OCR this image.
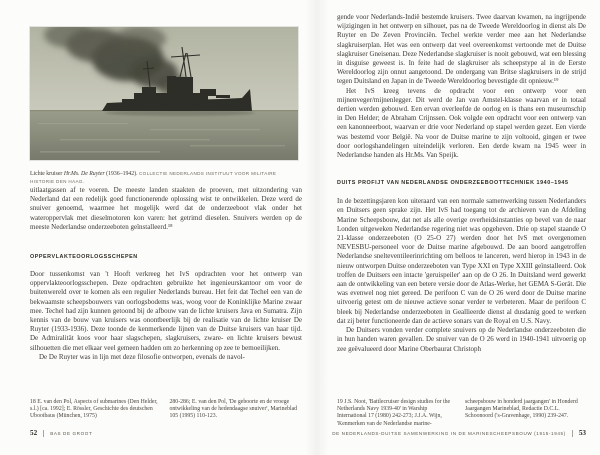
Lichte kruiser Hr.Ms. De Ruyter (1936–1942). COLLECTIE NEDERLANDS INSTITUUT VOOR MILITAIRE HISTORIE DEN HAAG.

uitlaatgassen af te voeren. De meeste landen staakten de proeven, met uitzondering van Nederland dat een redelijk goed functionerende oplossing wist te ontwikkelen. Deze werd de snuiver genoemd, waarmee het mogelijk werd dat de onderzeeboot vlak onder het wateroppervlak met dieselmotoren kon varen: het getrimd dieselen. Snuivers werden op de meeste Nederlandse onderzeeboten geïnstalleerd.¹⁸

OPPERVLAKTEOORLOGSSCHEPEN

Door tussenkomst van 't Hooft verkreeg het IvS opdrachten voor het ontwerp van oppervlakteoorlogsschepen. Deze opdrachten gebruikte het ingenieurskantoor om voor de buitenwereld over te komen als een regulier Nederlands bureau. Het feit dat Techel een van de bekwaamste scheepsbouwers van oorlogsbodems was, woog voor de Koninklijke Marine zwaar mee. Techel had zijn kunnen getoond bij de afbouw van de lichte kruisers Java en Sumatra. Zijn kennis van de bouw van kruisers was onontbeerlijk bij de realisatie van de lichte kruiser De Ruyter (1933-1936). Deze toonde de kenmerkende lijnen van de Duitse kruisers van haar tijd. De Admiralität koos voor haar slagschepen, slagkruisers, zware- en lichte kruisers bewust silhouetten die met elkaar veel gemeen hadden om zo herkenning op zee te bemoeilijken.

De De Ruyter was in lijn met deze filosofie ontworpen, evenals de navol-

18 E. van den Pol, Aspects of submarines (Den Helder, s.l.) [ca. 1992]; E. Rössler, Geschichte des deutschen Ubootbaus (München, 1975)
280-286; E. van den Pol, 'De geboorte en de vroege ontwikkeling van de hedendaagse snuiver', Marineblad 105 (1995) 110-123.
52	BAS DE GROOT

gende voor Nederlands-Indië bestemde kruisers. Twee daarvan kwamen, na ingrijpende wijzigingen in het ontwerp en silhouet, pas na de Tweede Wereldoorlog in dienst als De Ruyter en De Zeven Provinciën. Techel werkte verder mee aan het Nederlandse slagkruiserplan. Het was een ontwerp dat veel overeenkomst vertoonde met de Duitse slagkruiser Gneisenau. Deze Nederlandse slagkruiser is nooit gebouwd, wat een blessing in disguise geweest is. In feite had de slagkruiser als scheepstype al in de Eerste Wereldoorlog zijn onnut aangetoond. De ondergang van Britse slagkruisers in de strijd tegen Duitsland en Japan in de Tweede Wereldoorlog bevestigde dit opnieuw.¹⁹

Het IvS kreeg tevens de opdracht voor een ontwerp voor een mijnenveger/mijnenlegger. Dit werd de Jan van Amstel-klasse waarvan er in totaal dertien werden gebouwd. Een ervan overleefde de oorlog en is thans een museumschip in Den Helder; de Abraham Crijnssen. Ook volgde een opdracht voor een ontwerp van een kanonneerboot, waarvan er drie voor Nederland op stapel werden gezet. Een vierde was bestemd voor België. Na voor de Duitse marine te zijn voltooid, gingen er twee door oorlogshandelingen uiteindelijk verloren. Een derde kwam na 1945 weer in Nederlandse handen als Hr.Ms. Van Speijk.

DUITS PROFIJT VAN NEDERLANDSE ONDERZEEBOOTTECHNIEK 1940–1945

In de bezettingsjaren kon uiteraard van een normale samenwerking tussen Nederlanders en Duitsers geen sprake zijn. Het IvS had toegang tot de archieven van de Afdeling Marine Scheepsbouw, dat net als alle overige overheidsinstanties op bevel van de naar Londen uitgeweken Nederlandse regering niet was opgeheven. Drie op stapel staande O 21-klasse onderzeeboten (O 25-O 27) werden door het IvS met overgenomen NEVESBU-personeel voor de Duitse marine afgebouwd. De aan boord aangetroffen Nederlandse snelteventileerinrichting om belloos te lanceren, werd hierop in 1943 in de nieuw ontworpen Duitse onderzeeboten van Type XXI en Type XXIII geïnstalleerd. Ook troffen de Duitsers een intacte 'geruispeiler' aan op de O 26. In Duitsland werd gewerkt aan de ontwikkeling van een betere versie door de Atlas-Werke, het GEMA S-Gerät. Die was evenwel nog niet gereed. De perifoon C van de O 26 werd door de Duitse marine uitvoerig getest om de nieuwe actieve sonar verder te verbeteren. Maar de perifoon C bleek bij Nederlandse onderzeeboten in Geallieerde dienst al dusdanig goed te werken dat zij beter functioneerde dan de actieve sonars van de Royal en U.S. Navy.

De Duitsers vonden verder complete snuivers op de Nederlandse onderzeeboten die in hun handen waren gevallen. De snuiver van de O 26 werd in 1940-1941 uitvoerig op zee geëvalueerd door Marine Oberbaurat Christoph

19 J.S. Noot, 'Battlecruiser design studies for the Netherlands Navy 1939-40' in Warship International 17 (1980) 242-273; J.J.A. Wijn, 'Kenmerken van de Nederlandse marine-
scheepsbouw in honderd jaargangen' in Honderd Jaargangen Marineblad, Redactie D.C.L. Schoonoord ('s-Gravenhage, 1990) 239-247.
DE NEDERLANDS-DUITSE SAMENWERKING IN DE MARINESCHEEPSBOUW (1915-1945) 53
